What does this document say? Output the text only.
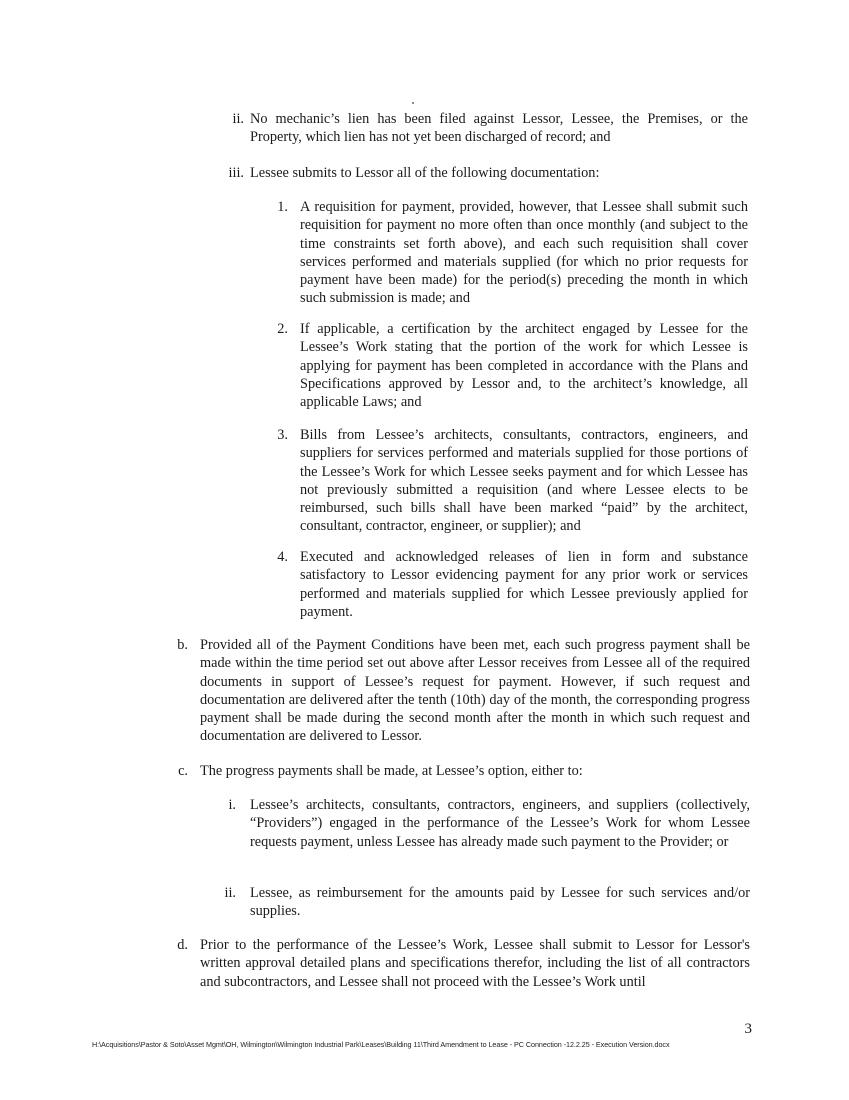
ii. No mechanic’s lien has been filed against Lessor, Lessee, the Premises, or the Property, which lien has not yet been discharged of record; and
iii. Lessee submits to Lessor all of the following documentation:
1. A requisition for payment, provided, however, that Lessee shall submit such requisition for payment no more often than once monthly (and subject to the time constraints set forth above), and each such requisition shall cover services performed and materials supplied (for which no prior requests for payment have been made) for the period(s) preceding the month in which such submission is made; and
2. If applicable, a certification by the architect engaged by Lessee for the Lessee’s Work stating that the portion of the work for which Lessee is applying for payment has been completed in accordance with the Plans and Specifications approved by Lessor and, to the architect’s knowledge, all applicable Laws; and
3. Bills from Lessee’s architects, consultants, contractors, engineers, and suppliers for services performed and materials supplied for those portions of the Lessee’s Work for which Lessee seeks payment and for which Lessee has not previously submitted a requisition (and where Lessee elects to be reimbursed, such bills shall have been marked “paid” by the architect, consultant, contractor, engineer, or supplier); and
4. Executed and acknowledged releases of lien in form and substance satisfactory to Lessor evidencing payment for any prior work or services performed and materials supplied for which Lessee previously applied for payment.
b. Provided all of the Payment Conditions have been met, each such progress payment shall be made within the time period set out above after Lessor receives from Lessee all of the required documents in support of Lessee’s request for payment. However, if such request and documentation are delivered after the tenth (10th) day of the month, the corresponding progress payment shall be made during the second month after the month in which such request and documentation are delivered to Lessor.
c. The progress payments shall be made, at Lessee’s option, either to:
i. Lessee’s architects, consultants, contractors, engineers, and suppliers (collectively, “Providers”) engaged in the performance of the Lessee’s Work for whom Lessee requests payment, unless Lessee has already made such payment to the Provider; or
ii. Lessee, as reimbursement for the amounts paid by Lessee for such services and/or supplies.
d. Prior to the performance of the Lessee’s Work, Lessee shall submit to Lessor for Lessor's written approval detailed plans and specifications therefor, including the list of all contractors and subcontractors, and Lessee shall not proceed with the Lessee’s Work until
3
H:\Acquisitions\Pastor & Soto\Asset Mgmt\OH, Wilmington\Wilmington Industrial Park\Leases\Building 11\Third Amendment to Lease - PC Connection -12.2.25 - Execution Version.docx
